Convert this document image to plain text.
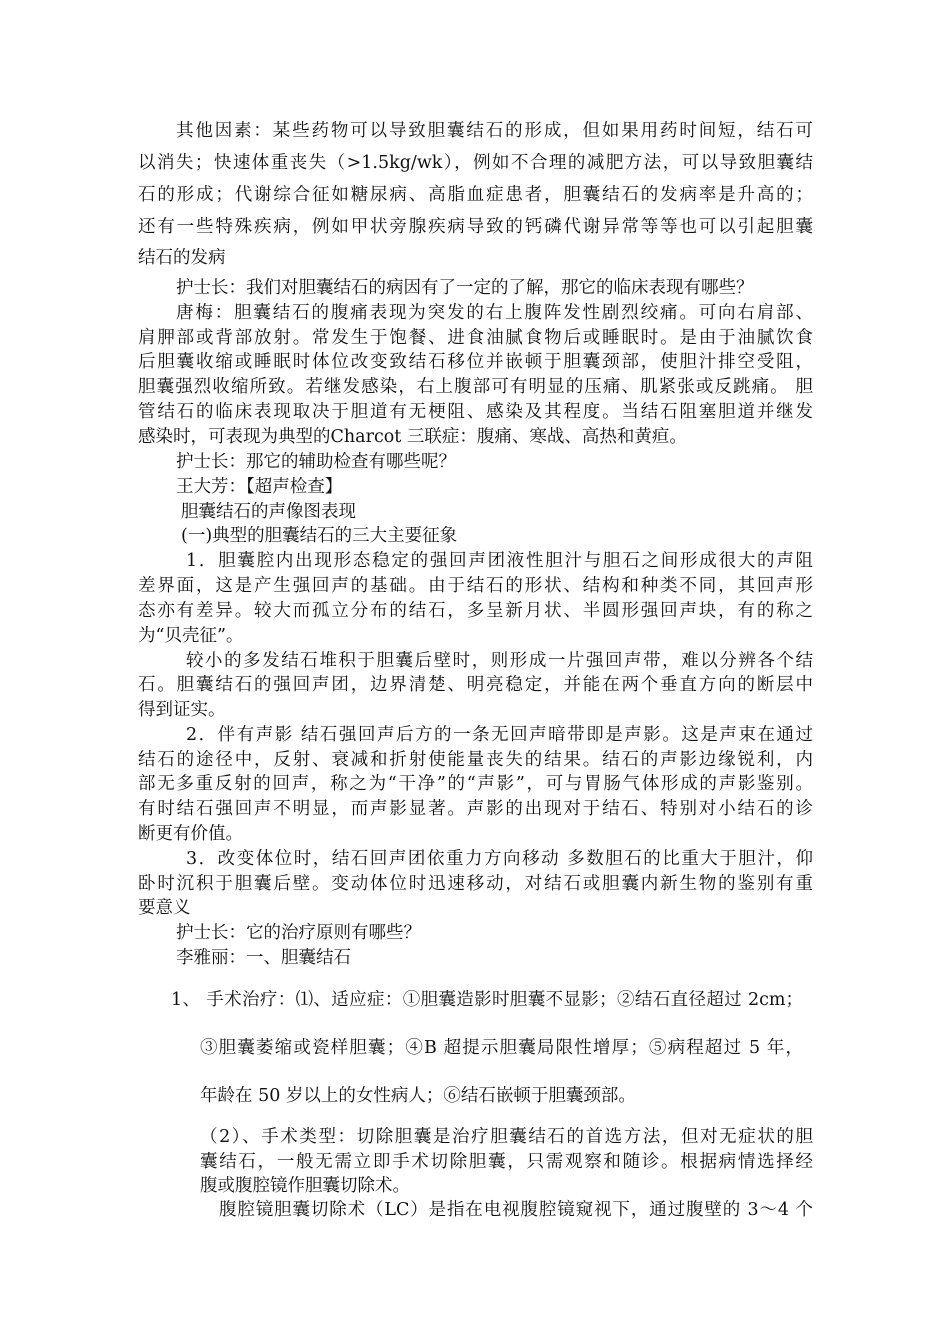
其他因素：某些药物可以导致胆囊结石的形成，但如果用药时间短，结石可
以消失；快速体重丧失（>1.5kg/wk），例如不合理的减肥方法，可以导致胆囊结
石的形成；代谢综合征如糖尿病、高脂血症患者，胆囊结石的发病率是升高的；
还有一些特殊疾病，例如甲状旁腺疾病导致的钙磷代谢异常等等也可以引起胆囊
结石的发病
护士长：我们对胆囊结石的病因有了一定的了解，那它的临床表现有哪些？
唐梅：胆囊结石的腹痛表现为突发的右上腹阵发性剧烈绞痛。可向右肩部、
肩胛部或背部放射。常发生于饱餐、进食油腻食物后或睡眠时。是由于油腻饮食
后胆囊收缩或睡眠时体位改变致结石移位并嵌顿于胆囊颈部，使胆汁排空受阻，
胆囊强烈收缩所致。若继发感染，右上腹部可有明显的压痛、肌紧张或反跳痛。 胆
管结石的临床表现取决于胆道有无梗阻、感染及其程度。当结石阻塞胆道并继发
感染时，可表现为典型的Charcot 三联症：腹痛、寒战、高热和黄疸。
护士长：那它的辅助检查有哪些呢？
王大芳：【超声检查】
胆囊结石的声像图表现
(一)典型的胆囊结石的三大主要征象
1．胆囊腔内出现形态稳定的强回声团液性胆汁与胆石之间形成很大的声阻
差界面，这是产生强回声的基础。由于结石的形状、结构和种类不同，其回声形
态亦有差异。较大而孤立分布的结石，多呈新月状、半圆形强回声块，有的称之
为“贝壳征”。
较小的多发结石堆积于胆囊后壁时，则形成一片强回声带，难以分辨各个结
石。胆囊结石的强回声团，边界清楚、明亮稳定，并能在两个垂直方向的断层中
得到证实。
2．伴有声影 结石强回声后方的一条无回声暗带即是声影。这是声束在通过
结石的途径中，反射、衰减和折射使能量丧失的结果。结石的声影边缘锐利，内
部无多重反射的回声，称之为“干净”的“声影”，可与胃肠气体形成的声影鉴别。
有时结石强回声不明显，而声影显著。声影的出现对于结石、特别对小结石的诊
断更有价值。
3．改变体位时，结石回声团依重力方向移动 多数胆石的比重大于胆汁，仰
卧时沉积于胆囊后壁。变动体位时迅速移动，对结石或胆囊内新生物的鉴别有重
要意义
护士长：它的治疗原则有哪些？
李雅丽：一、胆囊结石
1、 手术治疗：⑴、适应症：①胆囊造影时胆囊不显影；②结石直径超过 2cm；
③胆囊萎缩或瓷样胆囊；④B 超提示胆囊局限性增厚；⑤病程超过 5 年，
年龄在 50 岁以上的女性病人；⑥结石嵌顿于胆囊颈部。
（2）、手术类型：切除胆囊是治疗胆囊结石的首选方法，但对无症状的胆
囊结石，一般无需立即手术切除胆囊，只需观察和随诊。根据病情选择经
腹或腹腔镜作胆囊切除术。
腹腔镜胆囊切除术（LC）是指在电视腹腔镜窥视下，通过腹壁的 3～4 个
